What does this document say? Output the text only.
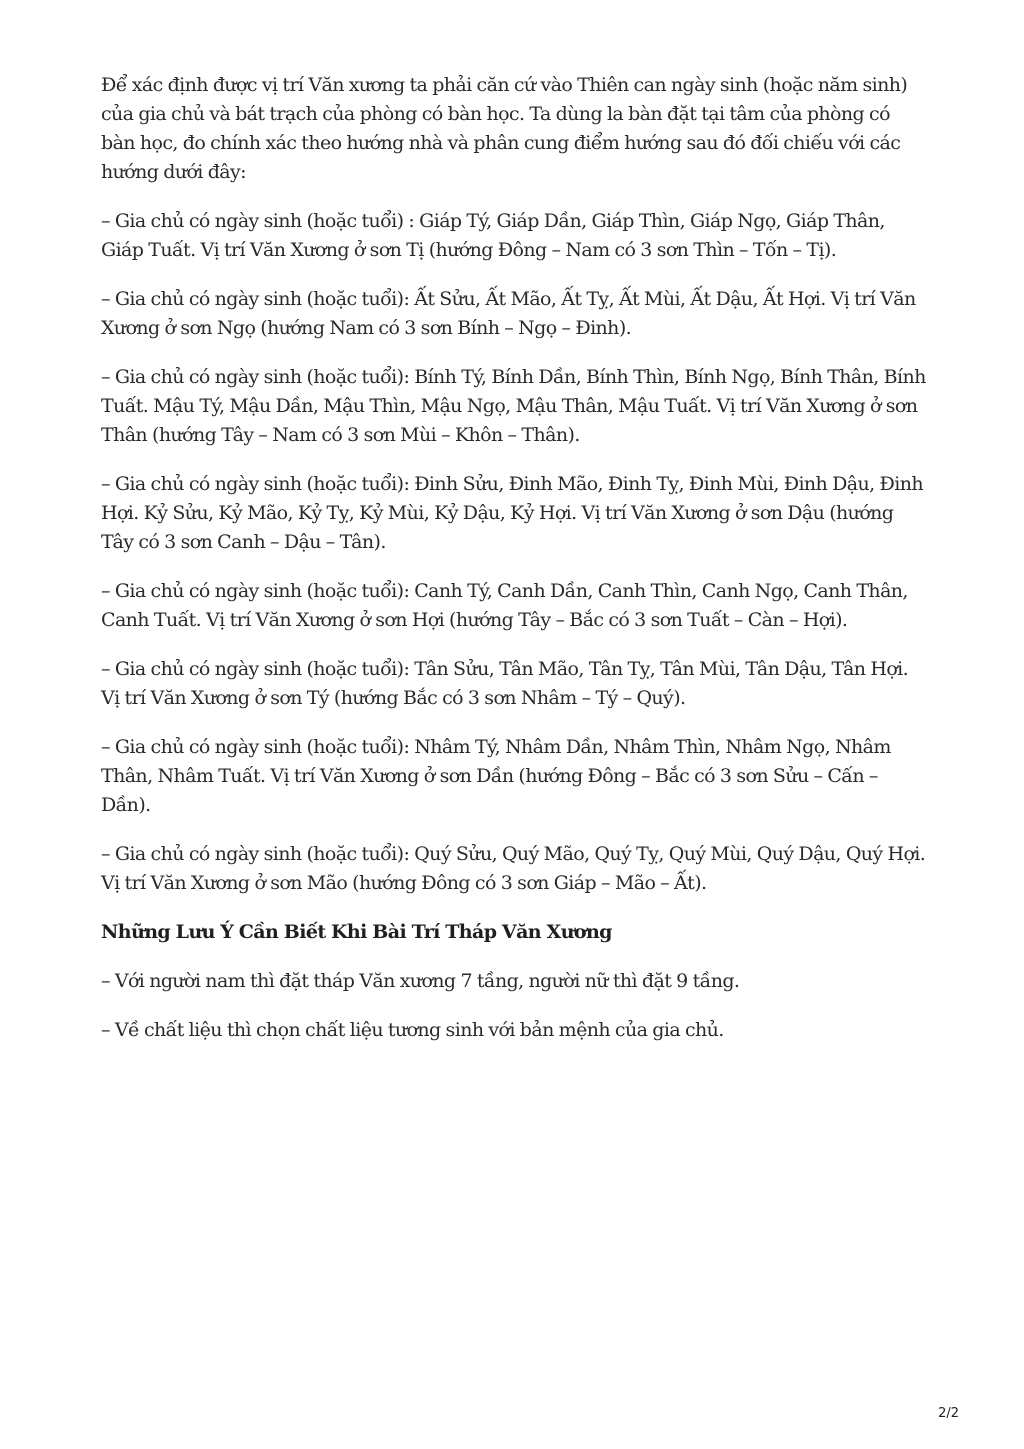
Để xác định được vị trí Văn xương ta phải căn cứ vào Thiên can ngày sinh (hoặc năm sinh) của gia chủ và bát trạch của phòng có bàn học. Ta dùng la bàn đặt tại tâm của phòng có bàn học, đo chính xác theo hướng nhà và phân cung điểm hướng sau đó đối chiếu với các hướng dưới đây:

– Gia chủ có ngày sinh (hoặc tuổi) : Giáp Tý, Giáp Dần, Giáp Thìn, Giáp Ngọ, Giáp Thân, Giáp Tuất. Vị trí Văn Xương ở sơn Tị (hướng Đông – Nam có 3 sơn Thìn – Tốn – Tị).

– Gia chủ có ngày sinh (hoặc tuổi): Ất Sửu, Ất Mão, Ất Tỵ, Ất Mùi, Ất Dậu, Ất Hợi. Vị trí Văn Xương ở sơn Ngọ (hướng Nam có 3 sơn Bính – Ngọ – Đinh).

– Gia chủ có ngày sinh (hoặc tuổi): Bính Tý, Bính Dần, Bính Thìn, Bính Ngọ, Bính Thân, Bính Tuất. Mậu Tý, Mậu Dần, Mậu Thìn, Mậu Ngọ, Mậu Thân, Mậu Tuất. Vị trí Văn Xương ở sơn Thân (hướng Tây – Nam có 3 sơn Mùi – Khôn – Thân).

– Gia chủ có ngày sinh (hoặc tuổi): Đinh Sửu, Đinh Mão, Đinh Tỵ, Đinh Mùi, Đinh Dậu, Đinh Hợi. Kỷ Sửu, Kỷ Mão, Kỷ Tỵ, Kỷ Mùi, Kỷ Dậu, Kỷ Hợi. Vị trí Văn Xương ở sơn Dậu (hướng Tây có 3 sơn Canh – Dậu – Tân).

– Gia chủ có ngày sinh (hoặc tuổi): Canh Tý, Canh Dần, Canh Thìn, Canh Ngọ, Canh Thân, Canh Tuất. Vị trí Văn Xương ở sơn Hợi (hướng Tây – Bắc có 3 sơn Tuất – Càn – Hợi).

– Gia chủ có ngày sinh (hoặc tuổi): Tân Sửu, Tân Mão, Tân Tỵ, Tân Mùi, Tân Dậu, Tân Hợi. Vị trí Văn Xương ở sơn Tý (hướng Bắc có 3 sơn Nhâm – Tý – Quý).

– Gia chủ có ngày sinh (hoặc tuổi): Nhâm Tý, Nhâm Dần, Nhâm Thìn, Nhâm Ngọ, Nhâm Thân, Nhâm Tuất. Vị trí Văn Xương ở sơn Dần (hướng Đông – Bắc có 3 sơn Sửu – Cấn – Dần).

– Gia chủ có ngày sinh (hoặc tuổi): Quý Sửu, Quý Mão, Quý Tỵ, Quý Mùi, Quý Dậu, Quý Hợi. Vị trí Văn Xương ở sơn Mão (hướng Đông có 3 sơn Giáp – Mão – Ất).

Những Lưu Ý Cần Biết Khi Bài Trí Tháp Văn Xương

– Với người nam thì đặt tháp Văn xương 7 tầng, người nữ thì đặt 9 tầng.

– Về chất liệu thì chọn chất liệu tương sinh với bản mệnh của gia chủ.

2/2
